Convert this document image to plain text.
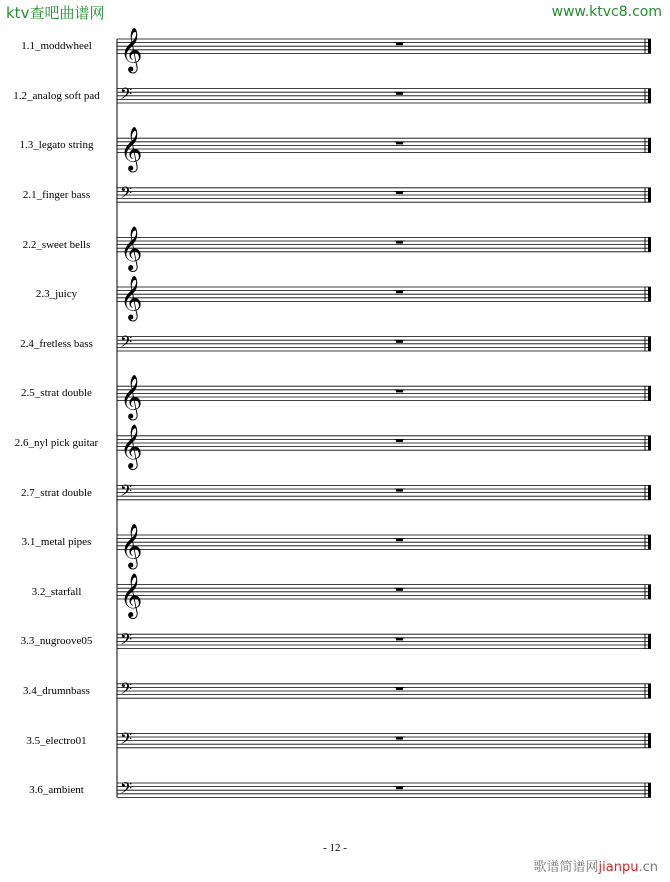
ktv查吧曲谱网	www.ktvc8.com
𝄞
𝄢
𝄞
𝄢
𝄞
𝄞
𝄢
𝄞
𝄞
𝄢
𝄞
𝄞
𝄢
𝄢
𝄢
𝄢
1.1_moddwheel
1.2_analog soft pad
1.3_legato string
2.1_finger bass
2.2_sweet bells
2.3_juicy
2.4_fretless bass
2.5_strat double
2.6_nyl pick guitar
2.7_strat double
3.1_metal pipes
3.2_starfall
3.3_nugroove05
3.4_drumnbass
3.5_electro01
3.6_ambient
- 12 -
歌谱简谱网jianpu.cn
